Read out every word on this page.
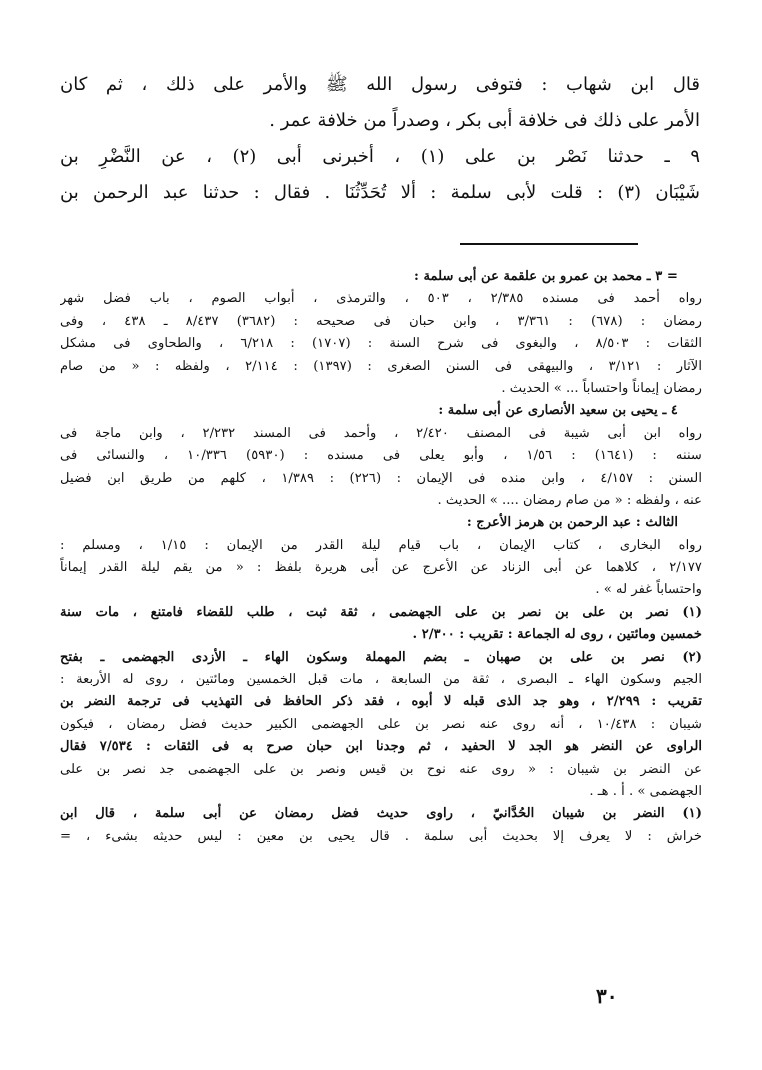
قال ابن شهاب : فتوفى رسول الله ﷺ والأمر على ذلك ، ثم كان
الأمر على ذلك فى خلافة أبى بكر ، وصدراً من خلافة عمر .
٩ ـ حدثنا نَصْر بن على (١) ، أخبرنى أبى (٢) ، عن النَّضْرِ بن
شَيْبَان (٣) : قلت لأبى سلمة : ألا تُحَدِّثُنَا . فقال : حدثنا عبد الرحمن بن
= ٣ ـ محمد بن عمرو بن علقمة عن أبى سلمة :
رواه أحمد فى مسنده ٢/٣٨٥ ، ٥٠٣ ، والترمذى ، أبواب الصوم ، باب فضل شهر
رمضان : (٦٧٨) : ٣/٣٦١ ، وابن حبان فى صحيحه : (٣٦٨٢) ٨/٤٣٧ ـ ٤٣٨ ، وفى
الثقات : ٨/٥٠٣ ، والبغوى فى شرح السنة : (١٧٠٧) : ٦/٢١٨ ، والطحاوى فى مشكل
الآثار : ٣/١٢١ ، والبيهقى فى السنن الصغرى : (١٣٩٧) : ٢/١١٤ ، ولفظه : « من صام
رمضان إيماناً واحتساباً ... » الحديث .
٤ ـ يحيى بن سعيد الأنصارى عن أبى سلمة :
رواه ابن أبى شيبة فى المصنف ٢/٤٢٠ ، وأحمد فى المسند ٢/٢٣٢ ، وابن ماجة فى
سننه : (١٦٤١) : ١/٥٦ ، وأبو يعلى فى مسنده : (٥٩٣٠) ١٠/٣٣٦ ، والنسائى فى
السنن : ٤/١٥٧ ، وابن منده فى الإيمان : (٢٢٦) : ١/٣٨٩ ، كلهم من طريق ابن فضيل
عنه ، ولفظه : « من صام رمضان .... » الحديث .
الثالث : عبد الرحمن بن هرمز الأعرج :
رواه البخارى ، كتاب الإيمان ، باب قيام ليلة القدر من الإيمان : ١/١٥ ، ومسلم :
٢/١٧٧ ، كلاهما عن أبى الزناد عن الأعرج عن أبى هريرة بلفظ : « من يقم ليلة القدر إيماناً
واحتساباً غفر له » .
(١) نصر بن على بن نصر بن على الجهضمى ، ثقة ثبت ، طلب للقضاء فامتنع ، مات سنة
خمسين ومائتين ، روى له الجماعة : تقريب : ٢/٣٠٠ .
(٢) نصر بن على بن صهبان ـ بضم المهملة وسكون الهاء ـ الأزدى الجهضمى ـ بفتح
الجيم وسكون الهاء ـ البصرى ، ثقة من السابعة ، مات قبل الخمسين ومائتين ، روى له الأربعة :
تقريب : ٢/٢٩٩ ، وهو جد الذى قبله لا أبوه ، فقد ذكر الحافظ فى التهذيب فى ترجمة النضر بن
شيبان : ١٠/٤٣٨ ، أنه روى عنه نصر بن على الجهضمى الكبير حديث فضل رمضان ، فيكون
الراوى عن النضر هو الجد لا الحفيد ، ثم وجدنا ابن حبان صرح به فى الثقات : ٧/٥٣٤ فقال
عن النضر بن شيبان : « روى عنه نوح بن قيس ونصر بن على الجهضمى جد نصر بن على
الجهضمى » . أ . هـ .
(١) النضر بن شيبان الحُدَّانيّ ، راوى حديث فضل رمضان عن أبى سلمة ، قال ابن
خراش : لا يعرف إلا بحديث أبى سلمة . قال يحيى بن معين : ليس حديثه بشىء ، =
٣٠
